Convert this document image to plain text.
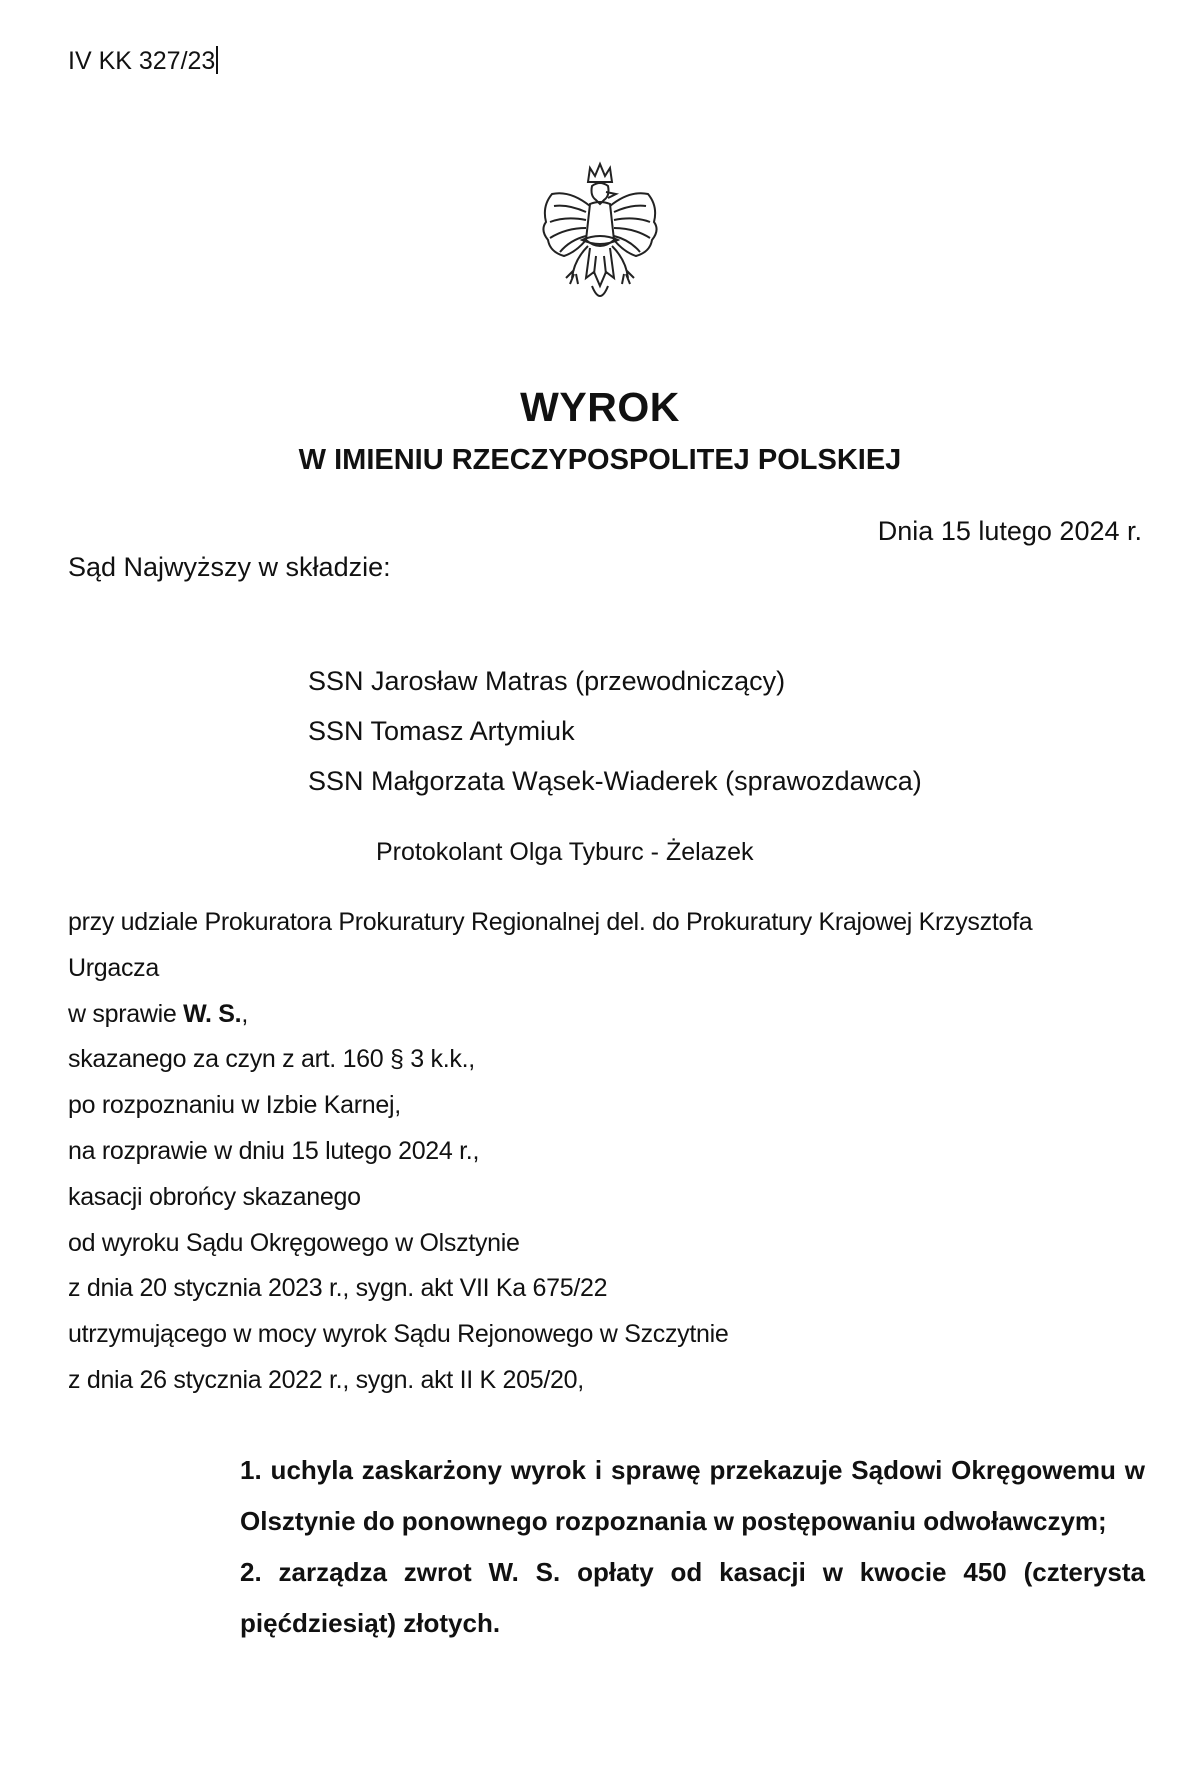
IV KK 327/23
WYROK
W IMIENIU RZECZYPOSPOLITEJ POLSKIEJ
Dnia 15 lutego 2024 r.
Sąd Najwyższy w składzie:
SSN Jarosław Matras (przewodniczący)
SSN Tomasz Artymiuk
SSN Małgorzata Wąsek-Wiaderek (sprawozdawca)
Protokolant Olga Tyburc - Żelazek
przy udziale Prokuratora Prokuratury Regionalnej del. do Prokuratury Krajowej Krzysztofa
Urgacza
w sprawie W. S.,
skazanego za czyn z art. 160 § 3 k.k.,
po rozpoznaniu w Izbie Karnej,
na rozprawie w dniu 15 lutego 2024 r.,
kasacji obrońcy skazanego
od wyroku Sądu Okręgowego w Olsztynie
z dnia 20 stycznia 2023 r., sygn. akt VII Ka 675/22
utrzymującego w mocy wyrok Sądu Rejonowego w Szczytnie
z dnia 26 stycznia 2022 r., sygn. akt II K 205/20,

1. uchyla zaskarżony wyrok i sprawę przekazuje Sądowi Okręgowemu w Olsztynie do ponownego rozpoznania w postępowaniu odwoławczym;

2. zarządza zwrot W. S. opłaty od kasacji w kwocie 450 (czterysta pięćdziesiąt) złotych.
